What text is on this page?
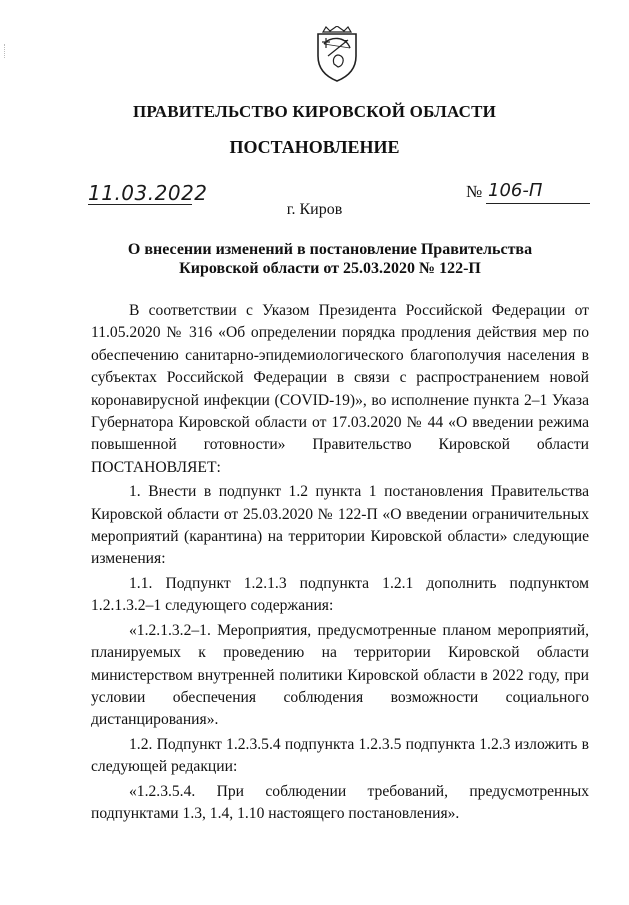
ПРАВИТЕЛЬСТВО КИРОВСКОЙ ОБЛАСТИ
ПОСТАНОВЛЕНИЕ
11.03.2022	№ 106-П
г. Киров
О внесении изменений в постановление Правительства
Кировской области от 25.03.2020 № 122-П

В соответствии с Указом Президента Российской Федерации от 11.05.2020 № 316 «Об определении порядка продления действия мер по обеспечению санитарно-эпидемиологического благополучия населения в субъектах Российской Федерации в связи с распространением новой коронавирусной инфекции (COVID-19)», во исполнение пункта 2–1 Указа Губернатора Кировской области от 17.03.2020 № 44 «О введении режима повышенной готовности» Правительство Кировской области ПОСТАНОВЛЯЕТ:

1. Внести в подпункт 1.2 пункта 1 постановления Правительства Кировской области от 25.03.2020 № 122-П «О введении ограничительных мероприятий (карантина) на территории Кировской области» следующие изменения:

1.1. Подпункт 1.2.1.3 подпункта 1.2.1 дополнить подпунктом 1.2.1.3.2–1 следующего содержания:

«1.2.1.3.2–1. Мероприятия, предусмотренные планом мероприятий, планируемых к проведению на территории Кировской области министерством внутренней политики Кировской области в 2022 году, при условии обеспечения соблюдения возможности социального дистанцирования».

1.2. Подпункт 1.2.3.5.4 подпункта 1.2.3.5 подпункта 1.2.3 изложить в следующей редакции:

«1.2.3.5.4. При соблюдении требований, предусмотренных подпунктами 1.3, 1.4, 1.10 настоящего постановления».
